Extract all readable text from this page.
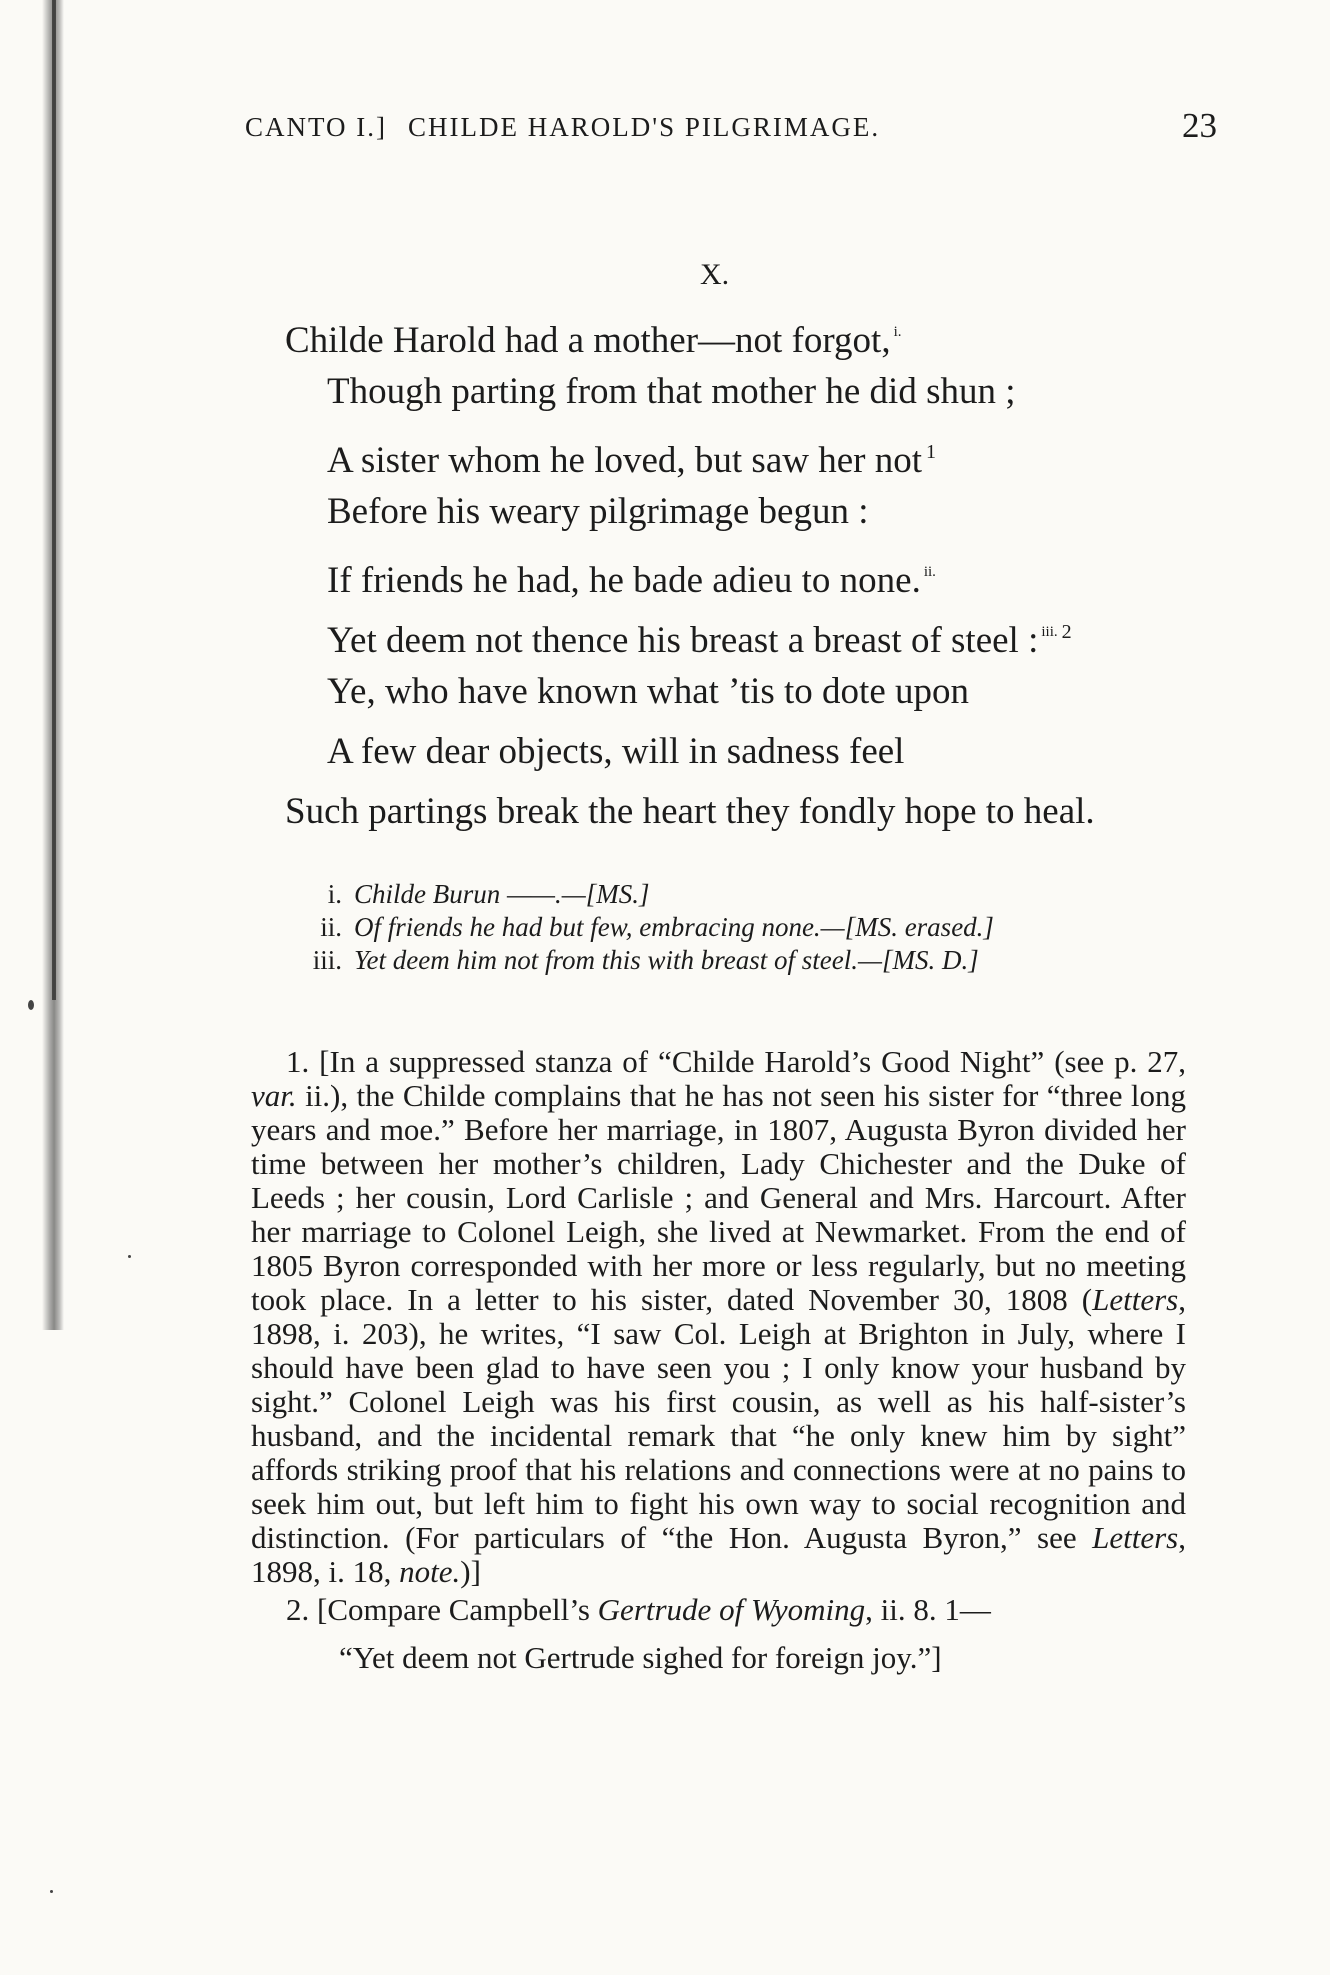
CANTO I.] CHILDE HAROLD'S PILGRIMAGE.	23
X.
Childe Harold had a mother—not forgot, $^{i.}$
Though parting from that mother he did shun ;
A sister whom he loved, but saw her not $^1$
Before his weary pilgrimage begun :
If friends he had, he bade adieu to none. $^{ii.}$
Yet deem not thence his breast a breast of steel : $^{iii.}$ $^2$
Ye, who have known what ’tis to dote upon
A few dear objects, will in sadness feel
Such partings break the heart they fondly hope to heal.
i. Childe Burun ——.—[MS.]
ii. Of friends he had but few, embracing none.—[MS. erased.]
iii. Yet deem him not from this with breast of steel.—[MS. D.]

1. [In a suppressed stanza of “Childe Harold’s Good Night” (see p. 27, var. ii.), the Childe complains that he has not seen his sister for “three long years and moe.” Before her marriage, in 1807, Augusta Byron divided her time between her mother’s children, Lady Chichester and the Duke of Leeds ; her cousin, Lord Carlisle ; and General and Mrs. Harcourt. After her marriage to Colonel Leigh, she lived at Newmarket. From the end of 1805 Byron corresponded with her more or less regularly, but no meeting took place. In a letter to his sister, dated November 30, 1808 (Letters, 1898, i. 203), he writes, “I saw Col. Leigh at Brighton in July, where I should have been glad to have seen you ; I only know your husband by sight.” Colonel Leigh was his first cousin, as well as his half-sister’s husband, and the incidental remark that “he only knew him by sight” affords striking proof that his relations and connections were at no pains to seek him out, but left him to fight his own way to social recognition and distinction. (For particulars of “the Hon. Augusta Byron,” see Letters, 1898, i. 18, note.)]

2. [Compare Campbell’s Gertrude of Wyoming, ii. 8. 1—

“Yet deem not Gertrude sighed for foreign joy.”]
